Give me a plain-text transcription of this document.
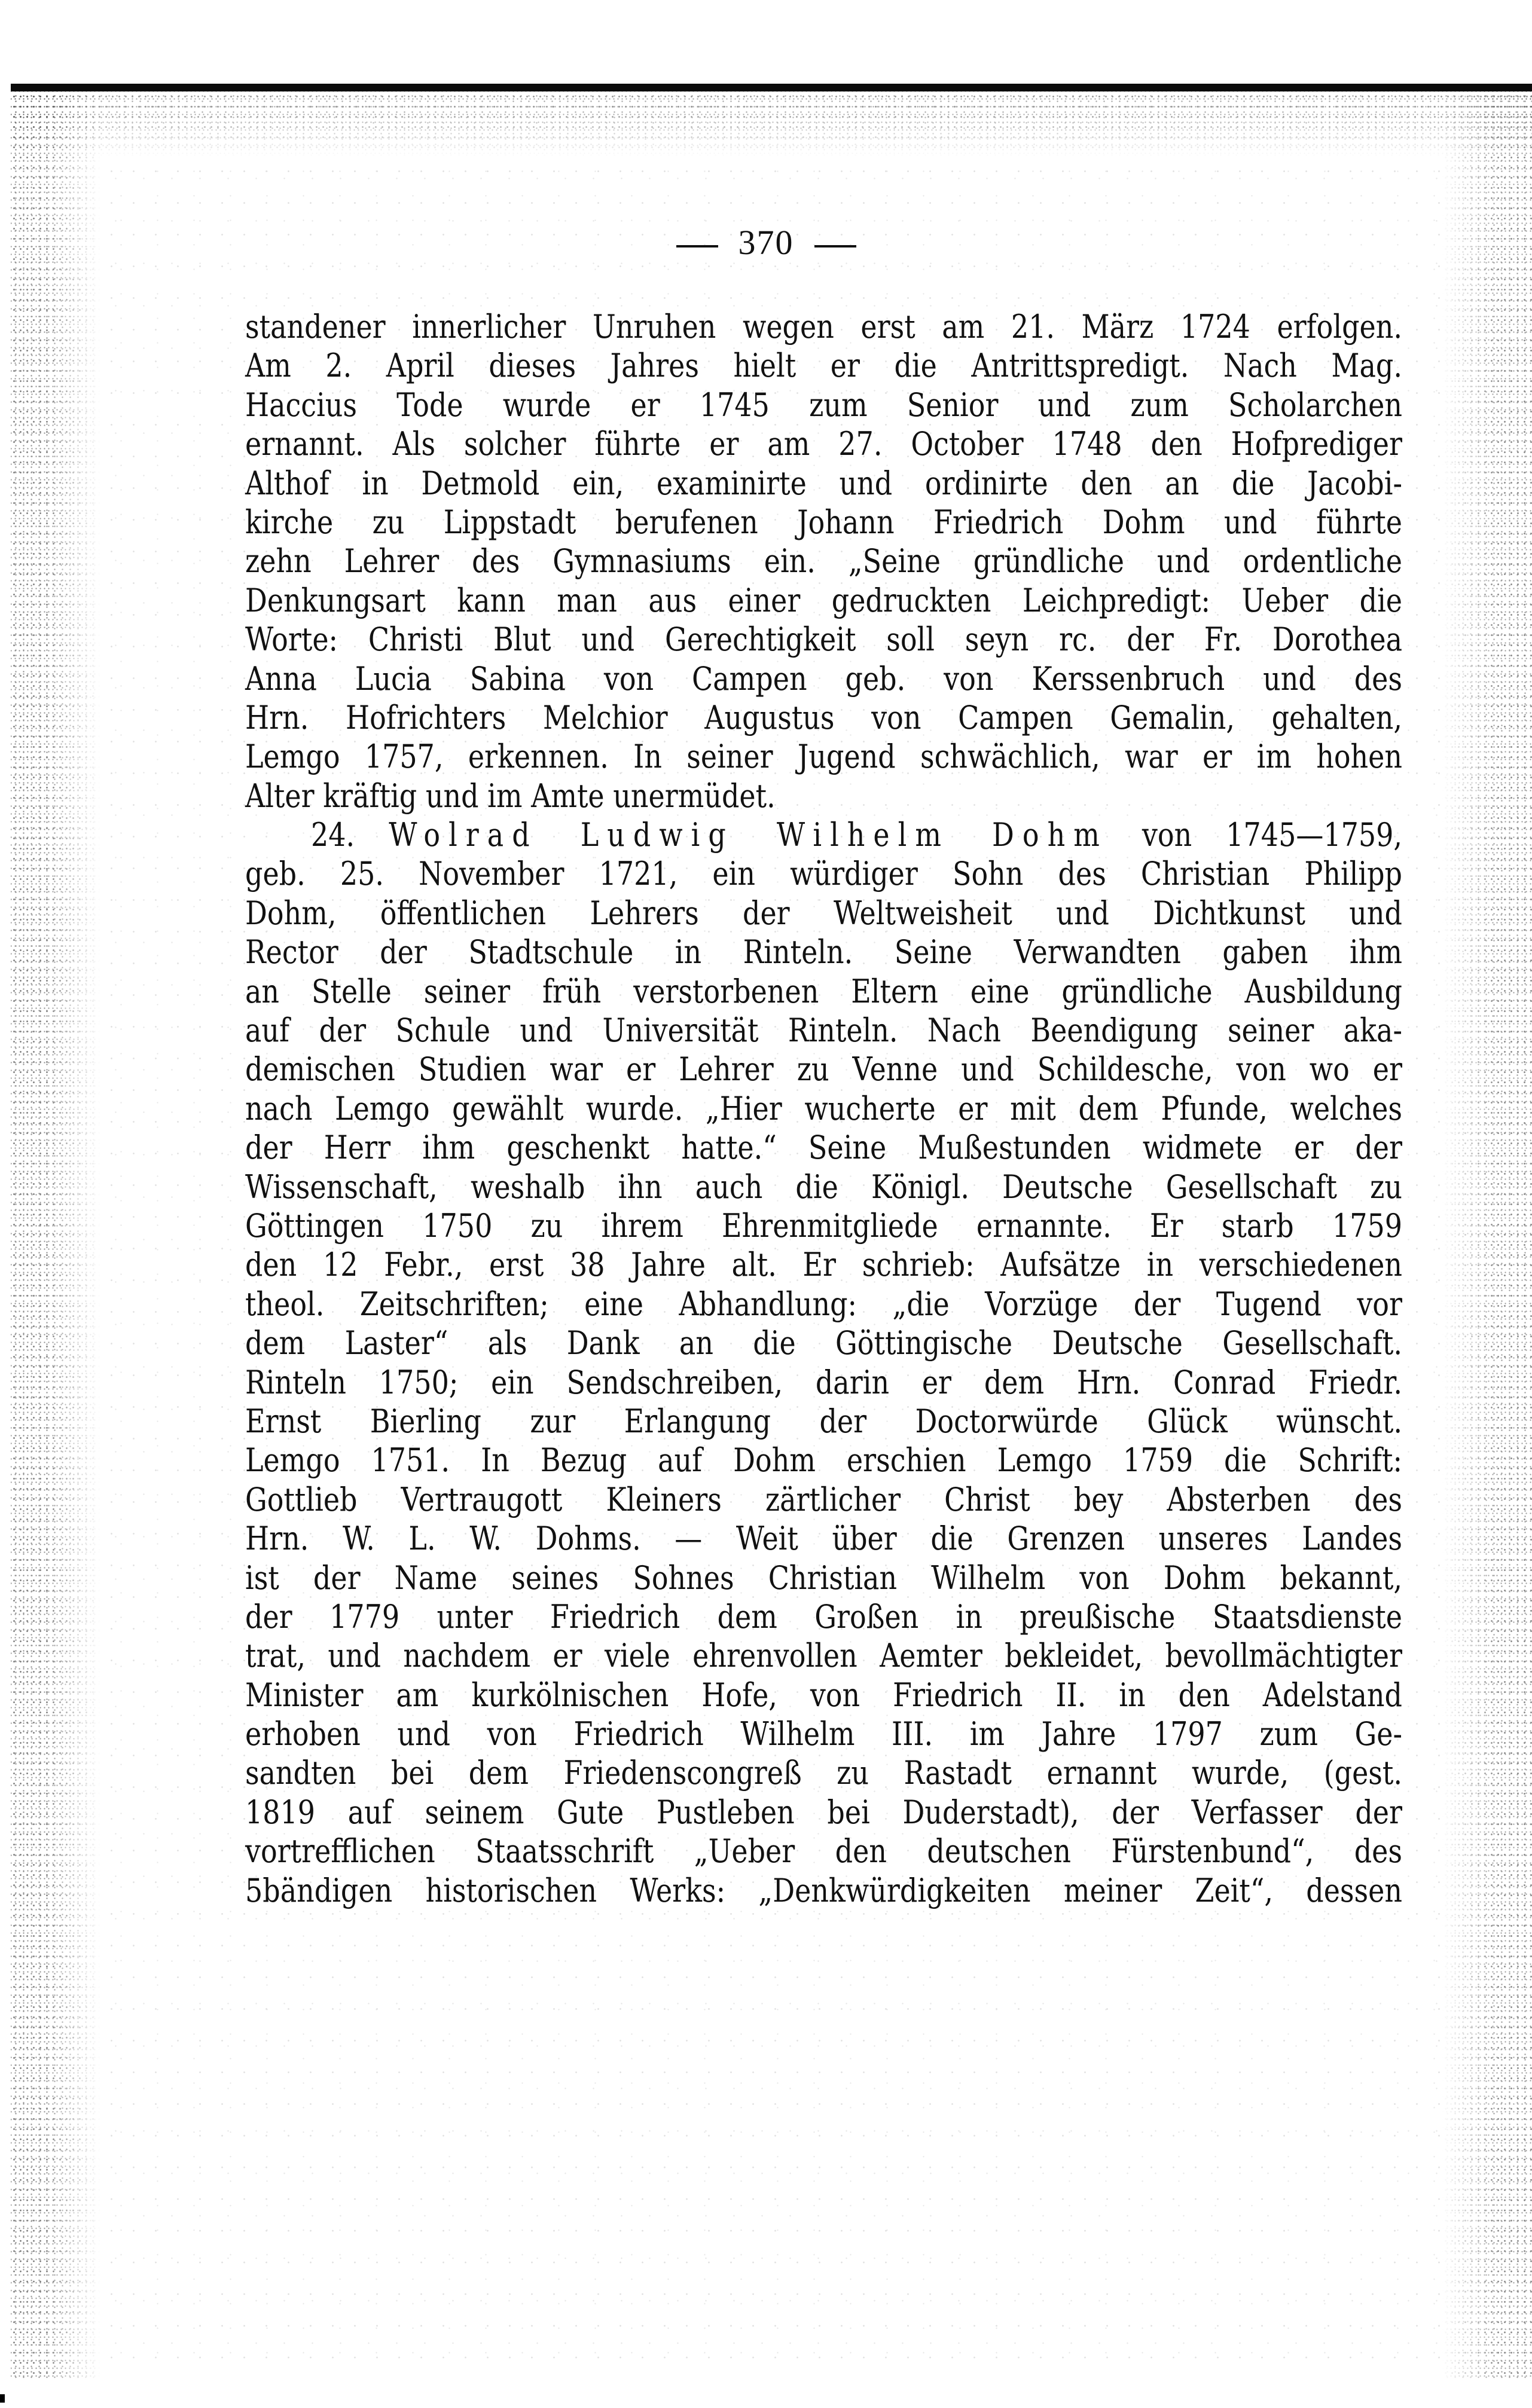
370
standener innerlicher Unruhen wegen erst am 21. März 1724 erfolgen.
Am 2. April dieses Jahres hielt er die Antrittspredigt. Nach Mag.
Haccius Tode wurde er 1745 zum Senior und zum Scholarchen
ernannt. Als solcher führte er am 27. October 1748 den Hofprediger
Althof in Detmold ein, examinirte und ordinirte den an die Jacobi-
kirche zu Lippstadt berufenen Johann Friedrich Dohm und führte
zehn Lehrer des Gymnasiums ein. „Seine gründliche und ordentliche
Denkungsart kann man aus einer gedruckten Leichpredigt: Ueber die
Worte: Christi Blut und Gerechtigkeit soll seyn rc. der Fr. Dorothea
Anna Lucia Sabina von Campen geb. von Kerssenbruch und des
Hrn. Hofrichters Melchior Augustus von Campen Gemalin, gehalten,
Lemgo 1757, erkennen. In seiner Jugend schwächlich, war er im hohen
Alter kräftig und im Amte unermüdet.
24. Wolrad Ludwig Wilhelm Dohm von 1745—1759,
geb. 25. November 1721, ein würdiger Sohn des Christian Philipp
Dohm, öffentlichen Lehrers der Weltweisheit und Dichtkunst und
Rector der Stadtschule in Rinteln. Seine Verwandten gaben ihm
an Stelle seiner früh verstorbenen Eltern eine gründliche Ausbildung
auf der Schule und Universität Rinteln. Nach Beendigung seiner aka-
demischen Studien war er Lehrer zu Venne und Schildesche, von wo er
nach Lemgo gewählt wurde. „Hier wucherte er mit dem Pfunde, welches
der Herr ihm geschenkt hatte.“ Seine Mußestunden widmete er der
Wissenschaft, weshalb ihn auch die Königl. Deutsche Gesellschaft zu
Göttingen 1750 zu ihrem Ehrenmitgliede ernannte. Er starb 1759
den 12 Febr., erst 38 Jahre alt. Er schrieb: Aufsätze in verschiedenen
theol. Zeitschriften; eine Abhandlung: „die Vorzüge der Tugend vor
dem Laster“ als Dank an die Göttingische Deutsche Gesellschaft.
Rinteln 1750; ein Sendschreiben, darin er dem Hrn. Conrad Friedr.
Ernst Bierling zur Erlangung der Doctorwürde Glück wünscht.
Lemgo 1751. In Bezug auf Dohm erschien Lemgo 1759 die Schrift:
Gottlieb Vertraugott Kleiners zärtlicher Christ bey Absterben des
Hrn. W. L. W. Dohms. — Weit über die Grenzen unseres Landes
ist der Name seines Sohnes Christian Wilhelm von Dohm bekannt,
der 1779 unter Friedrich dem Großen in preußische Staatsdienste
trat, und nachdem er viele ehrenvollen Aemter bekleidet, bevollmächtigter
Minister am kurkölnischen Hofe, von Friedrich II. in den Adelstand
erhoben und von Friedrich Wilhelm III. im Jahre 1797 zum Ge-
sandten bei dem Friedenscongreß zu Rastadt ernannt wurde, (gest.
1819 auf seinem Gute Pustleben bei Duderstadt), der Verfasser der
vortrefflichen Staatsschrift „Ueber den deutschen Fürstenbund“, des
5bändigen historischen Werks: „Denkwürdigkeiten meiner Zeit“, dessen
